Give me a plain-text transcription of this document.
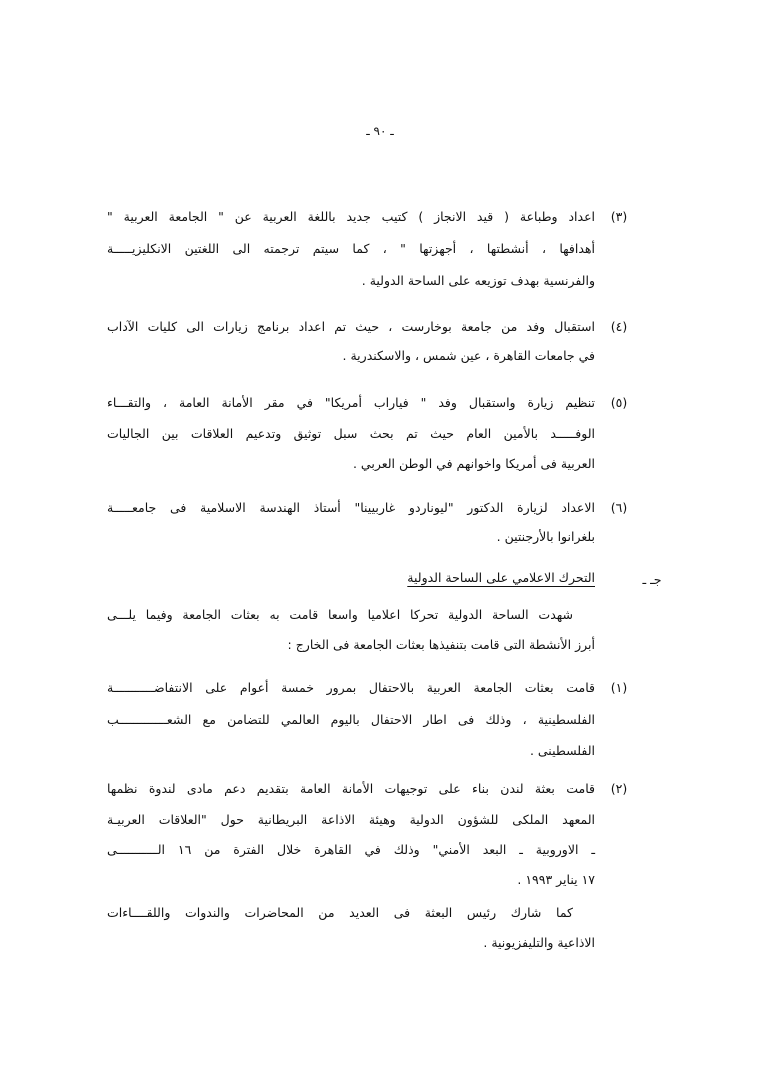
ـ ٩٠ ـ
(٣)
اعداد وطباعة ( قيد الانجاز ) كتيب جديد باللغة العربية عن " الجامعة العربية "
أهدافها ، أنشطتها ، أجهزتها " ، كما سيتم ترجمته الى اللغتين الانكليزيـــــة
والفرنسية بهدف توزيعه على الساحة الدولية .
(٤)
استقبال وفد من جامعة بوخارست ، حيث تم اعداد برنامج زيارات الى كليات الآداب
في جامعات القاهرة ، عين شمس ، والاسكندرية .
(٥)
تنظيم زيارة واستقبال وفد " فياراب أمريكا" في مقر الأمانة العامة ، والتقـــاء
الوفـــــد بالأمين العام حيث تم بحث سبل توثيق وتدعيم العلاقات بين الجاليات
العربية فى أمريكا واخوانهم في الوطن العربي .
(٦)
الاعداد لزيارة الدكتور "ليوناردو غاربيينا" أستاذ الهندسة الاسلامية فى جامعـــــة
بلغرانوا بالأرجنتين .
جـ ـ
التحرك الاعلامي على الساحة الدولية
شهدت الساحة الدولية تحركا اعلاميا واسعا قامت به بعثات الجامعة وفيما يلـــى
أبرز الأنشطة التى قامت بتنفيذها بعثات الجامعة فى الخارج :
(١)
قامت بعثات الجامعة العربية بالاحتفال بمرور خمسة أعوام على الانتفاضـــــــــــة
الفلسطينية ، وذلك فى اطار الاحتفال باليوم العالمي للتضامن مع الشعـــــــــــــب
الفلسطينى .
(٢)
قامت بعثة لندن بناء على توجيهات الأمانة العامة بتقديم دعم مادى لندوة نظمها
المعهد الملكى للشؤون الدولية وهيئة الاذاعة البريطانية حول "العلاقات العربيـة
ـ الاوروبية ـ البعد الأمني" وذلك في القاهرة خلال الفترة من ١٦ الـــــــــــى
١٧ يناير ١٩٩٣ .
كما شارك رئيس البعثة فى العديد من المحاضرات والندوات واللقــــاءات
الاذاعية والتليفزيونية .
